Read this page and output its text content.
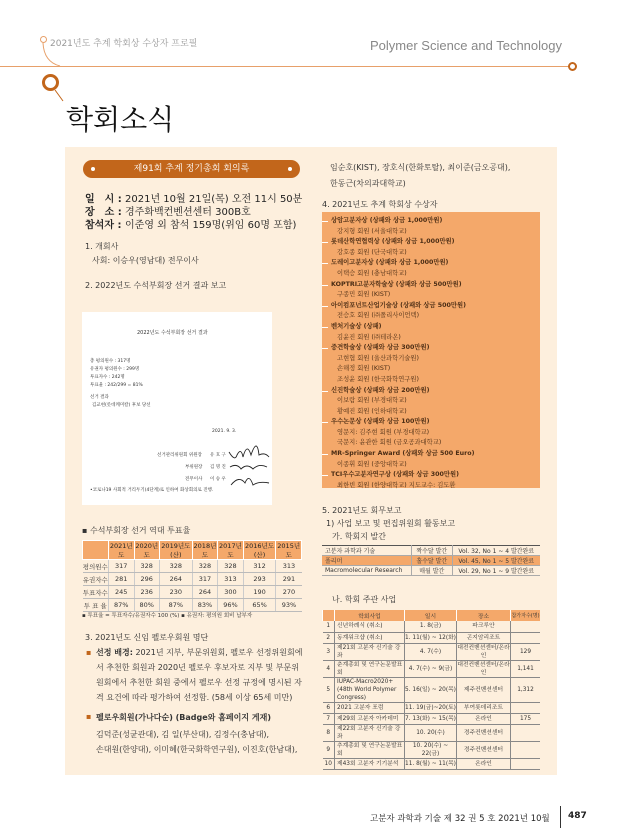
2021년도 추계 학회상 수상자 프로필	Polymer Science and Technology
학회소식
제91회 추계 정기총회 회의록
일　시 : 2021년 10월 21일(목) 오전 11시 50분
장　소 : 경주화백컨벤션센터 300B호
참석자 : 이준영 외 참석 159명(위임 60명 포함)
1. 개회사
사회: 이승우(영남대) 전무이사
2. 2022년도 수석부회장 선거 결과 보고
2022년도 수석부회장 선거 결과
총 평의원수 : 317명
유권자 평의원수 : 299명
투표자수 : 242명
투표율 : 242/299 = 81%
선거 결과
김교현(롯데케미칼) 후보 당선
2021. 9. 3.
선거관리위원회 위원장 유 호 구
부위원장 김 명 진
전무이사 이 승 우
•코로나19 사회적 거리두기(4단계)로 인하여 화상회의로 진행.
▪ 수석부회장 선거 역대 투표율
	2021년도	2020년도	2019년도(산)	2018년도	2017년도	2016년도(산)	2015년도
평의원수	317	328	328	328	328	312	313
유권자수	281	296	264	317	313	293	291
투표자수	245	236	230	264	300	190	270
투 표 율	87%	80%	87%	83%	96%	65%	93%
▪ 투표율 = 투표자수/유권자수 100 (%) ▪ 유권자: 평의원 회비 납부자
3. 2021년도 신임 펠로우회원 명단
▪ 선정 배경: 2021년 지부, 부문위원회, 펠로우 선정위원회에서 추천한 회원과 2020년 펠로우 후보자로 지부 및 부문위원회에서 추천한 회원 중에서 펠로우 선정 규정에 명시된 자격 요건에 따라 평가하여 선정함. (58세 이상 65세 미만)
▪ 펠로우회원(가나다순) (Badge와 홈페이지 게재)
김덕준(성균관대), 김 일(부산대), 김정수(충남대),
손대원(한양대), 이미혜(한국화학연구원), 이진호(한남대),
임순호(KIST), 장호식(한화토탈), 최이준(금오공대),
한동근(차의과대학교)
4. 2021년도 추계 학회상 수상자
상암고분자상 (상패와 상금 1,000만원)
강지형 회원 (서울대학교)
롯데산학연협력상 (상패와 상금 1,000만원)
강호종 회원 (단국대학교)
도레이고분자상 (상패와 상금 1,000만원)
이택승 회원 (충남대학교)
KOPTRI고분자학술상 (상패와 상금 500만원)
구종민 회원 (KIST)
아이컴포넌트산업기술상 (상패와 상금 500만원)
전승호 회원 (㈜폴리사이언텍)
벤처기술상 (상패)
김윤진 회원 (㈜테라온)
중견학술상 (상패와 상금 300만원)
고현협 회원 (울산과학기술원)
손해정 회원 (KIST)
조성윤 회원 (한국화학연구원)
신진학술상 (상패와 상금 200만원)
이보람 회원 (부경대학교)
황예진 회원 (인하대학교)
우수논문상 (상패와 상금 100만원)
영문지: 김주현 회원 (부경대학교)
국문지: 윤관한 회원 (금오공과대학교)
MR-Springer Award (상패와 상금 500 Euro)
이종휘 회원 (중앙대학교)
TCI우수고분자연구상 (상패와 상금 300만원)
최한빈 회원 (한양대학교) 지도교수: 김도환
5. 2021년도 회무보고
1) 사업 보고 및 편집위원회 활동보고
가. 학회지 발간
고분자 과학과 기술	짝수달 발간	Vol. 32, No 1 ~ 4 발간완료
폴리머	홀수달 발간	Vol. 45, No 1 ~ 5 발간완료
Macromolecular Research	매월 발간	Vol. 29, No 1 ~ 9 발간완료
나. 학회 주관 사업
	학회사업	일시	장소	참가자수(명)
1	신년하례식 (취소)	1. 8(금)	파크루안	
2	동계워크샵 (취소)	1. 11(월) ~ 12(화)	곤지암리조트	
3	제21회 고분자 신기술 강좌	4. 7(수)	대전컨벤션센터/온라인	129
4	춘계총회 및 연구논문발표회	4. 7(수) ~ 9(금)	대전컨벤션센터/온라인	1,141
5	IUPAC-Macro2020+ (48th World Polymer Congress)	5. 16(일) ~ 20(목)	제주컨벤션센터	1,312
6	2021 고분자 포럼	11. 19(금)~20(토)	부여롯데리조트	
7	제29회 고분자 아카데미	7. 13(화) ~ 15(목)	온라인	175
8	제22회 고분자 신기술 강좌	10. 20(수)	경주컨벤션센터	
9	추계총회 및 연구논문발표회	10. 20(수) ~ 22(금)	경주컨벤션센터	
10	제43회 고분자 기기분석	11. 8(월) ~ 11(목)	온라인	
고분자 과학과 기술 제 32 권 5 호 2021년 10월 487
